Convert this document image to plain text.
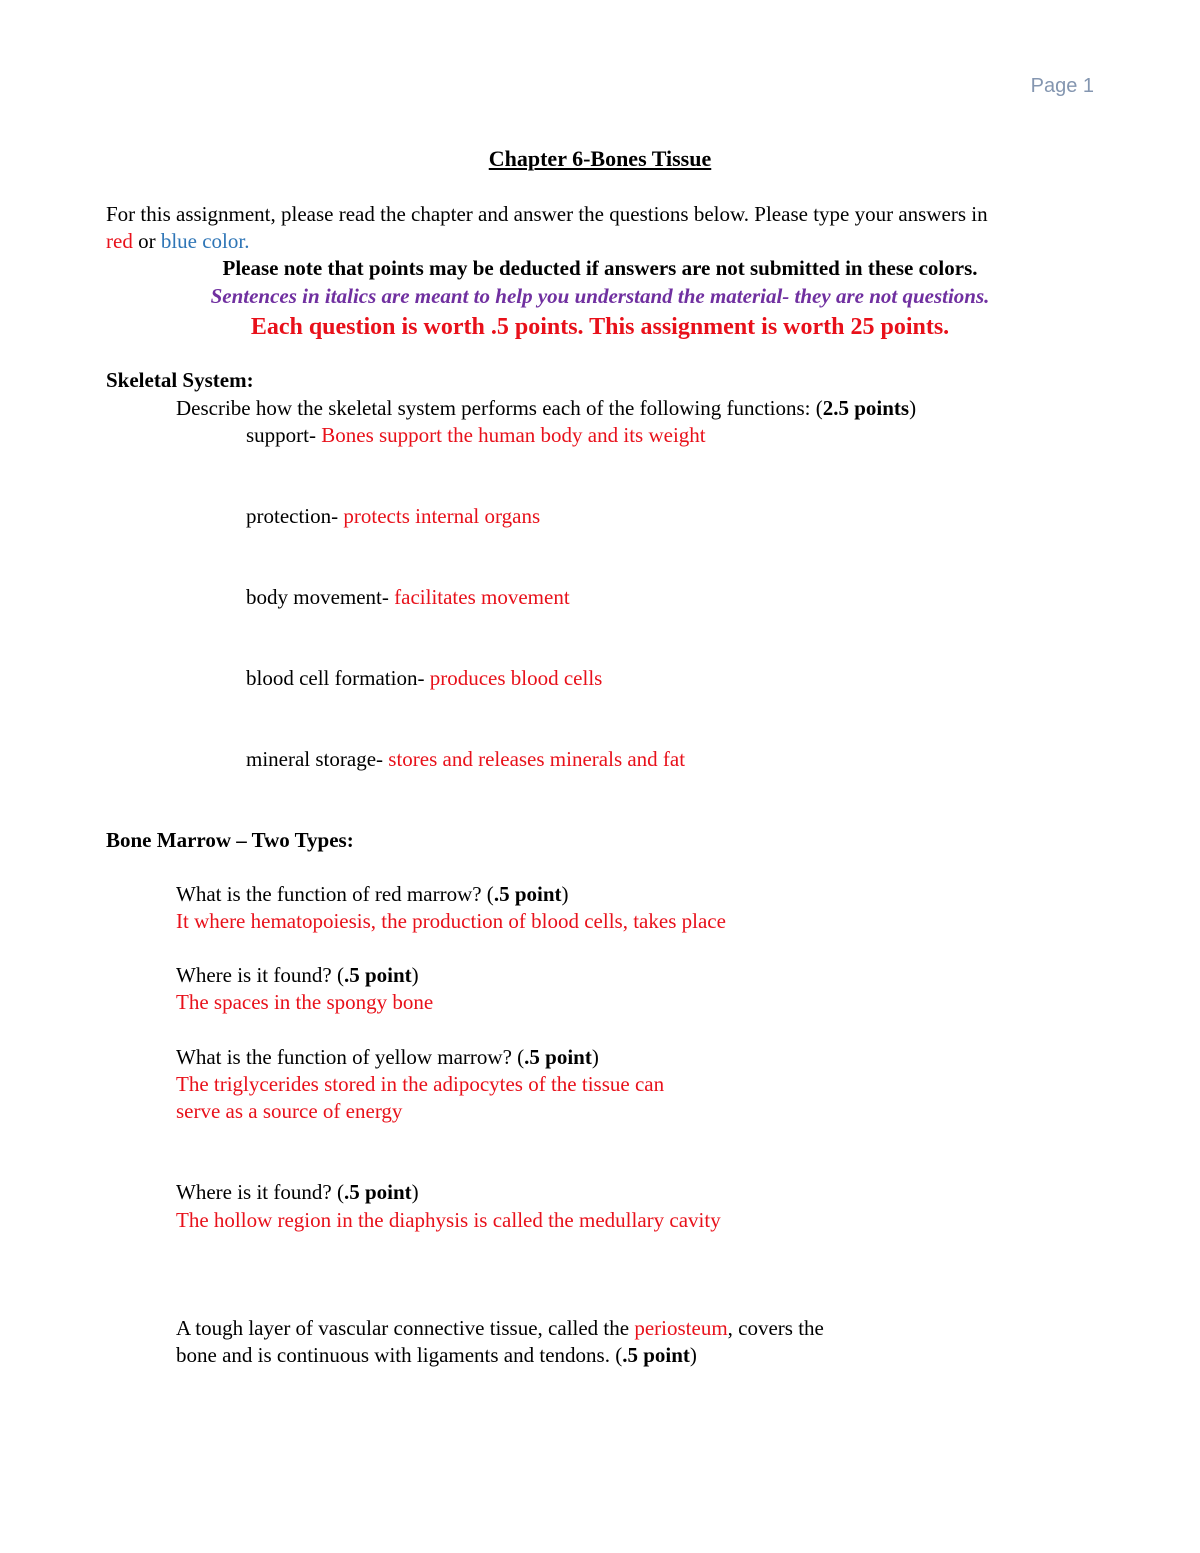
Page 1
Chapter 6-Bones Tissue
For this assignment, please read the chapter and answer the questions below. Please type your answers in
red or blue color.
Please note that points may be deducted if answers are not submitted in these colors.
Sentences in italics are meant to help you understand the material- they are not questions.
Each question is worth .5 points. This assignment is worth 25 points.
Skeletal System:
Describe how the skeletal system performs each of the following functions: (2.5 points)
support- Bones support the human body and its weight
protection- protects internal organs
body movement- facilitates movement
blood cell formation- produces blood cells
mineral storage- stores and releases minerals and fat
Bone Marrow – Two Types:
What is the function of red marrow? (.5 point)
It where hematopoiesis, the production of blood cells, takes place
Where is it found? (.5 point)
The spaces in the spongy bone
What is the function of yellow marrow? (.5 point)
The triglycerides stored in the adipocytes of the tissue can
serve as a source of energy
Where is it found? (.5 point)
The hollow region in the diaphysis is called the medullary cavity
A tough layer of vascular connective tissue, called the periosteum, covers the
bone and is continuous with ligaments and tendons. (.5 point)
